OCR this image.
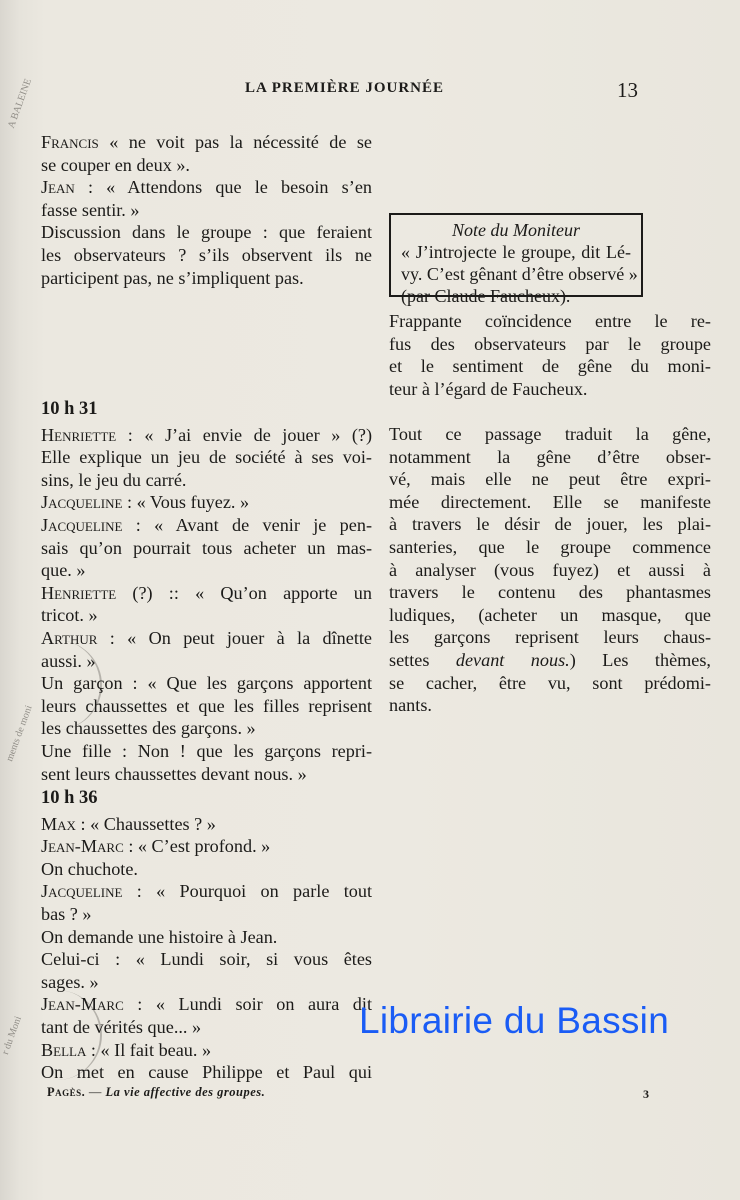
A BALEINE
ments de moni
r du Moni
LA PREMIÈRE JOURNÉE	13
Francis « ne voit pas la nécessité de se
se couper en deux ».
Jean : « Attendons que le besoin s’en
fasse sentir. »
Discussion dans le groupe : que feraient
les observateurs ? s’ils observent ils ne
participent pas, ne s’impliquent pas.
10 h 31
Henriette : « J’ai envie de jouer » (?)
Elle explique un jeu de société à ses voi-
sins, le jeu du carré.
Jacqueline : « Vous fuyez. »
Jacqueline : « Avant de venir je pen-
sais qu’on pourrait tous acheter un mas-
que. »
Henriette (?) :: « Qu’on apporte un
tricot. »
Arthur : « On peut jouer à la dînette
aussi. »
Un garçon : « Que les garçons apportent
leurs chaussettes et que les filles reprisent
les chaussettes des garçons. »
Une fille : Non ! que les garçons repri-
sent leurs chaussettes devant nous. »
10 h 36
Max : « Chaussettes ? »
Jean-Marc : « C’est profond. »
On chuchote.
Jacqueline : « Pourquoi on parle tout
bas ? »
On demande une histoire à Jean.
Celui-ci : « Lundi soir, si vous êtes
sages. »
Jean-Marc : « Lundi soir on aura dit
tant de vérités que... »
Bella : « Il fait beau. »
On met en cause Philippe et Paul qui
Note du Moniteur
« J’introjecte le groupe, dit Lé-
vy. C’est gênant d’être observé »
(par Claude Faucheux).
Frappante coïncidence entre le re-
fus des observateurs par le groupe
et le sentiment de gêne du moni-
teur à l’égard de Faucheux.
Tout ce passage traduit la gêne,
notamment la gêne d’être obser-
vé, mais elle ne peut être expri-
mée directement. Elle se manifeste
à travers le désir de jouer, les plai-
santeries, que le groupe commence
à analyser (vous fuyez) et aussi à
travers le contenu des phantasmes
ludiques, (acheter un masque, que
les garçons reprisent leurs chaus-
settes devant nous.) Les thèmes,
se cacher, être vu, sont prédomi-
nants.
Librairie du Bassin
Pagès. — La vie affective des groupes.	3
